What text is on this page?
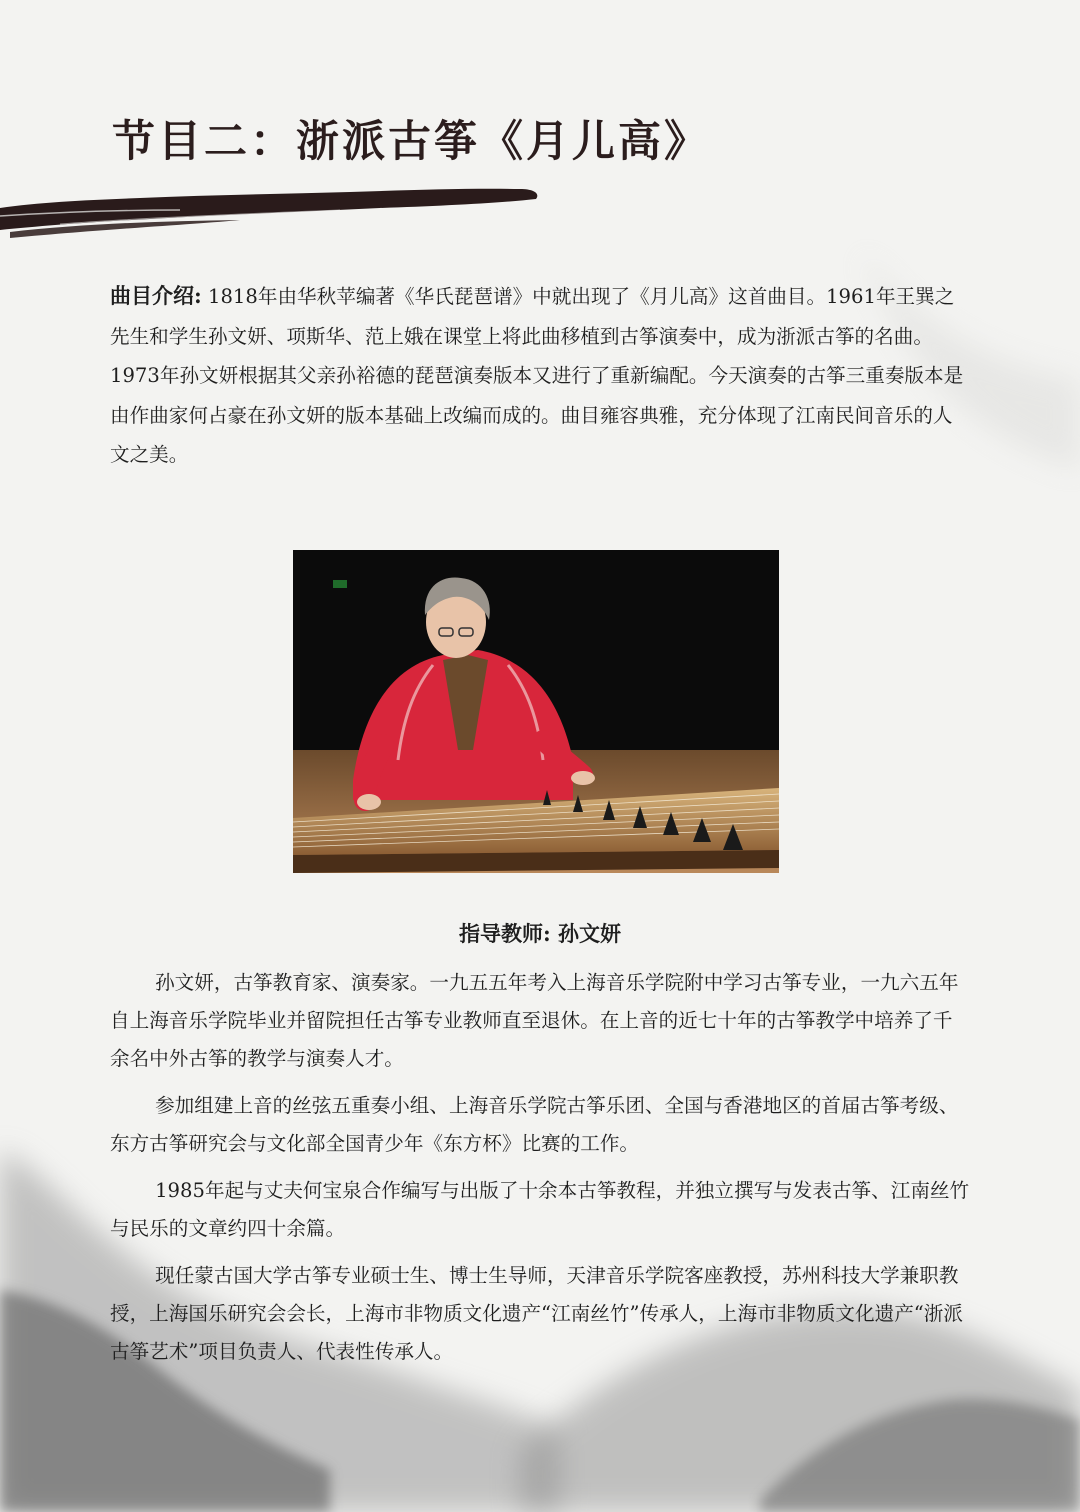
节目二：浙派古筝《月儿高》

曲目介绍: 1818年由华秋苹编著《华氏琵琶谱》中就出现了《月儿高》这首曲目。1961年王巽之先生和学生孙文妍、项斯华、范上娥在课堂上将此曲移植到古筝演奏中，成为浙派古筝的名曲。1973年孙文妍根据其父亲孙裕德的琵琶演奏版本又进行了重新编配。今天演奏的古筝三重奏版本是由作曲家何占豪在孙文妍的版本基础上改编而成的。曲目雍容典雅，充分体现了江南民间音乐的人文之美。

指导教师: 孙文妍

孙文妍，古筝教育家、演奏家。一九五五年考入上海音乐学院附中学习古筝专业，一九六五年自上海音乐学院毕业并留院担任古筝专业教师直至退休。在上音的近七十年的古筝教学中培养了千余名中外古筝的教学与演奏人才。

参加组建上音的丝弦五重奏小组、上海音乐学院古筝乐团、全国与香港地区的首届古筝考级、东方古筝研究会与文化部全国青少年《东方杯》比赛的工作。

1985年起与丈夫何宝泉合作编写与出版了十余本古筝教程，并独立撰写与发表古筝、江南丝竹与民乐的文章约四十余篇。

现任蒙古国大学古筝专业硕士生、博士生导师，天津音乐学院客座教授，苏州科技大学兼职教授，上海国乐研究会会长，上海市非物质文化遗产“江南丝竹”传承人，上海市非物质文化遗产“浙派古筝艺术”项目负责人、代表性传承人。
